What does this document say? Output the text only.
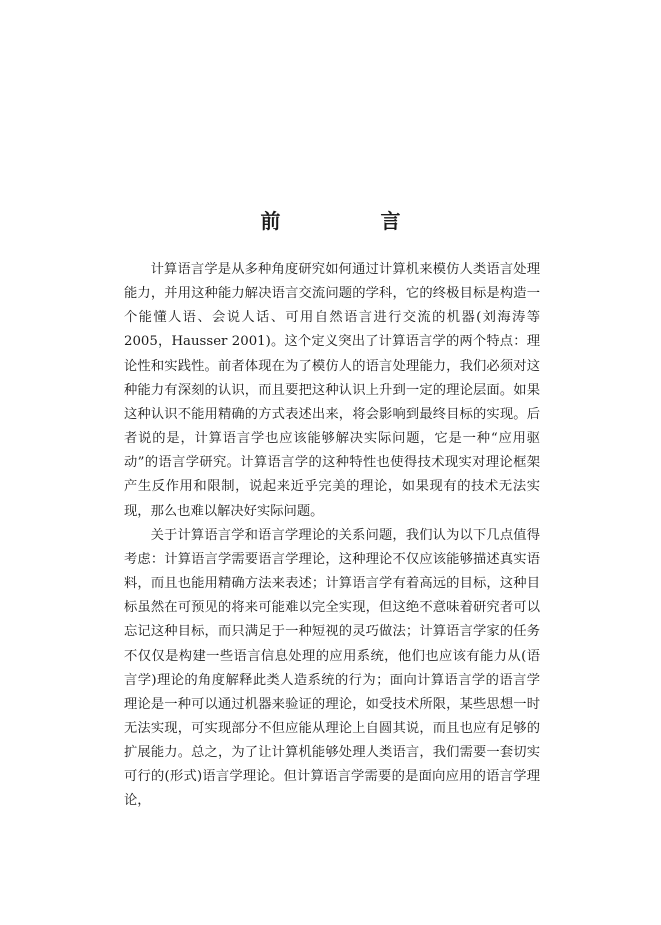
前　言

计算语言学是从多种角度研究如何通过计算机来模仿人类语言处理能力，并用这种能力解决语言交流问题的学科，它的终极目标是构造一个能懂人语、会说人话、可用自然语言进行交流的机器(刘海涛等 2005，Hausser 2001)。这个定义突出了计算语言学的两个特点：理论性和实践性。前者体现在为了模仿人的语言处理能力，我们必须对这种能力有深刻的认识，而且要把这种认识上升到一定的理论层面。如果这种认识不能用精确的方式表述出来，将会影响到最终目标的实现。后者说的是，计算语言学也应该能够解决实际问题，它是一种“应用驱动”的语言学研究。计算语言学的这种特性也使得技术现实对理论框架产生反作用和限制，说起来近乎完美的理论，如果现有的技术无法实现，那么也难以解决好实际问题。

关于计算语言学和语言学理论的关系问题，我们认为以下几点值得考虑：计算语言学需要语言学理论，这种理论不仅应该能够描述真实语料，而且也能用精确方法来表述；计算语言学有着高远的目标，这种目标虽然在可预见的将来可能难以完全实现，但这绝不意味着研究者可以忘记这种目标，而只满足于一种短视的灵巧做法；计算语言学家的任务不仅仅是构建一些语言信息处理的应用系统，他们也应该有能力从(语言学)理论的角度解释此类人造系统的行为；面向计算语言学的语言学理论是一种可以通过机器来验证的理论，如受技术所限，某些思想一时无法实现，可实现部分不但应能从理论上自圆其说，而且也应有足够的扩展能力。总之，为了让计算机能够处理人类语言，我们需要一套切实可行的(形式)语言学理论。但计算语言学需要的是面向应用的语言学理论，
